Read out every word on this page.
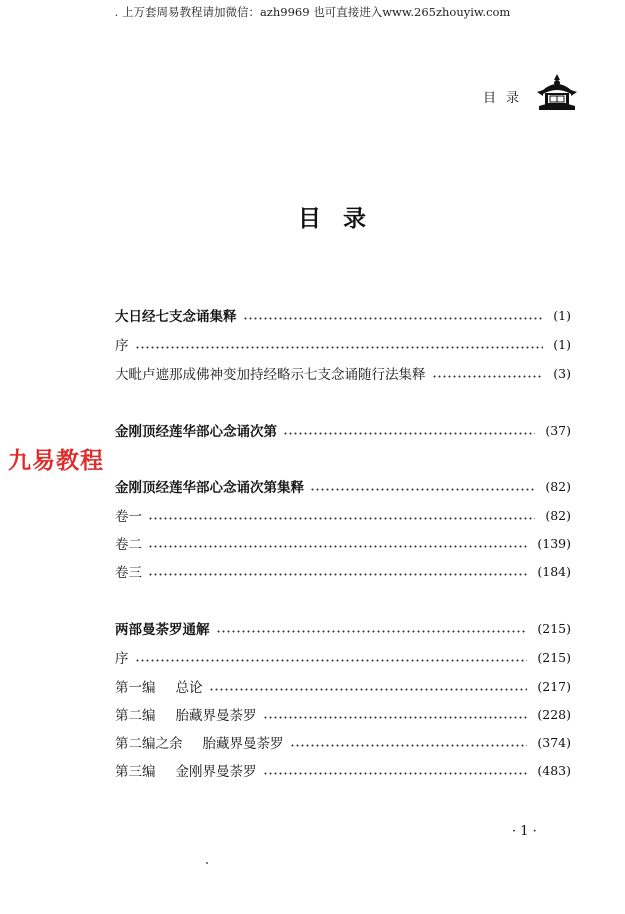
. 上万套周易教程请加微信：azh9969 也可直接进入www.265zhouyiw.com
目录
目录
九易教程
大日经七支念诵集释	(1)
序	(1)
大毗卢遮那成佛神变加持经略示七支念诵随行法集释	(3)
金刚顶经莲华部心念诵次第	(37)
金刚顶经莲华部心念诵次第集释	(82)
卷一	(82)
卷二	(139)
卷三	(184)
两部曼荼罗通解	(215)
序	(215)
第一编 总论	(217)
第二编 胎藏界曼荼罗	(228)
第二编之余 胎藏界曼荼罗	(374)
第三编 金刚界曼荼罗	(483)
· 1 ·
